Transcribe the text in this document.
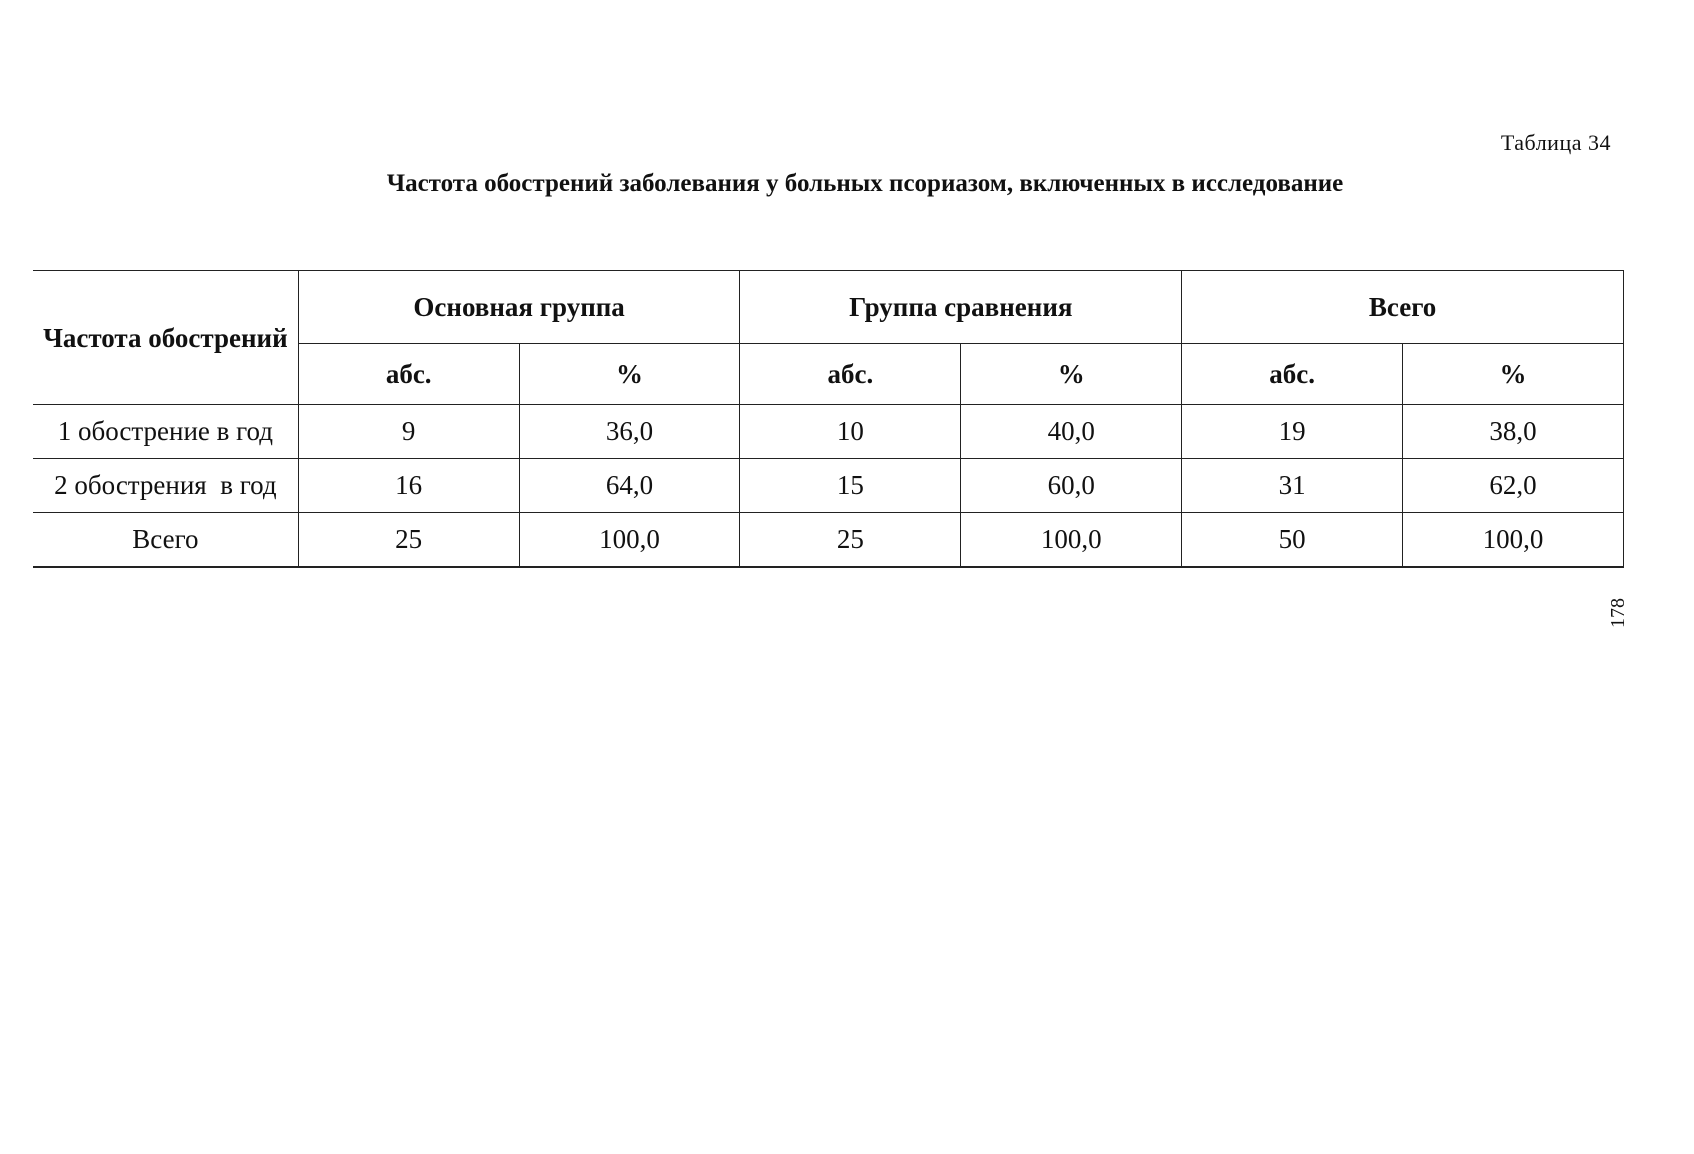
Таблица 34
Частота обострений заболевания у больных псориазом, включенных в исследование
Частота обострений	Основная группа		Группа сравнения		Всего	
	абс.	%	абс.	%	абс.	%
1 обострение в год	9	36,0	10	40,0	19	38,0
2 обострения  в год	16	64,0	15	60,0	31	62,0
Всего	25	100,0	25	100,0	50	100,0
178
